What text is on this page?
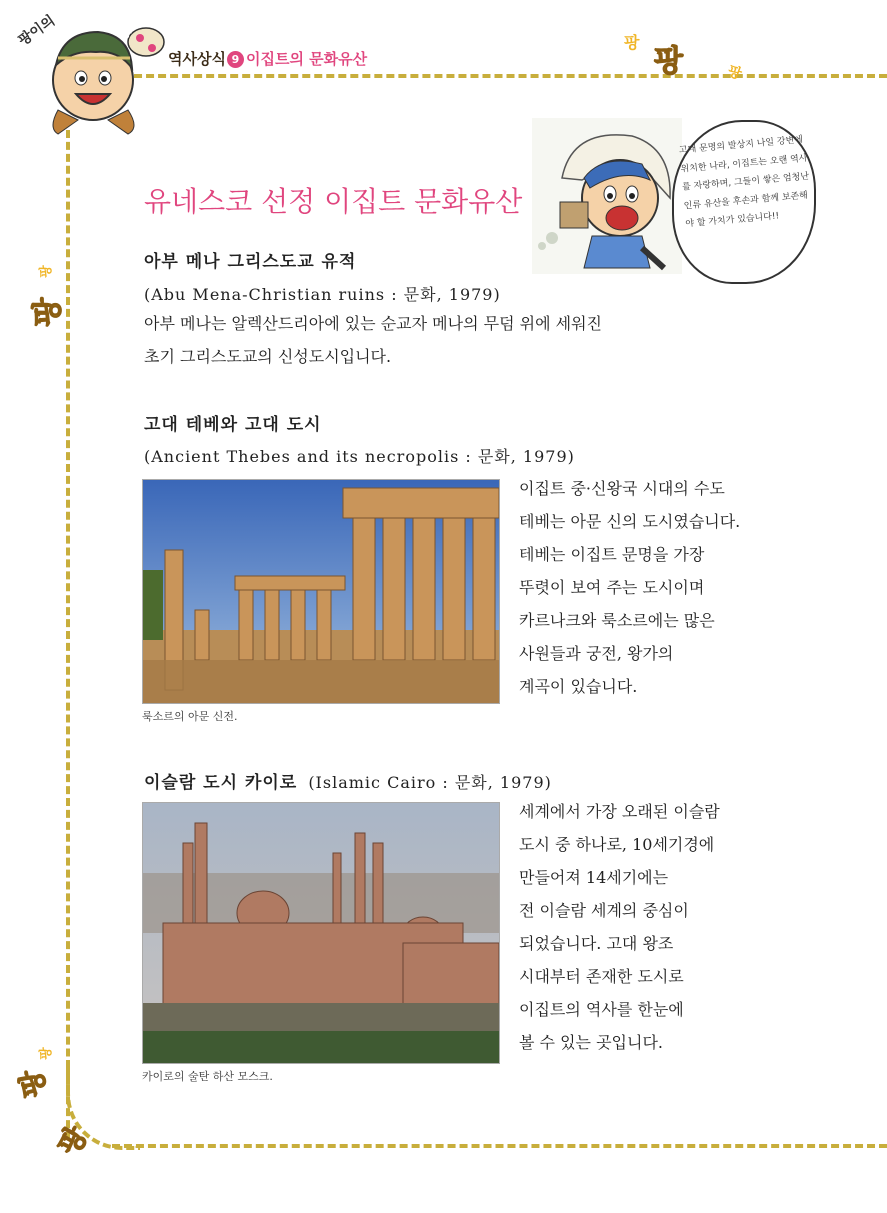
팡이의	팡팡
역사상식 9 이집트의 문화유산
팡
팡	팡
팡
팡
팡
팡
팡
고대 문명의 발상지 나일 강변에 위치한 나라, 이집트는 오랜 역사를 자랑하며, 그들이 쌓은 엄청난 인류 유산을 후손과 함께 보존해야 할 가치가 있습니다!!
유네스코 선정 이집트 문화유산
아부 메나 그리스도교 유적
(Abu Mena-Christian ruins : 문화, 1979)
아부 메나는 알렉산드리아에 있는 순교자 메나의 무덤 위에 세워진
초기 그리스도교의 신성도시입니다.
고대 테베와 고대 도시
(Ancient Thebes and its necropolis : 문화, 1979)
룩소르의 아문 신전.
이집트 중·신왕국 시대의 수도
테베는 아문 신의 도시였습니다.
테베는 이집트 문명을 가장
뚜렷이 보여 주는 도시이며
카르나크와 룩소르에는 많은
사원들과 궁전, 왕가의
계곡이 있습니다.
이슬람 도시 카이로 (Islamic Cairo : 문화, 1979)
카이로의 술탄 하산 모스크.
세계에서 가장 오래된 이슬람
도시 중 하나로, 10세기경에
만들어져 14세기에는
전 이슬람 세계의 중심이
되었습니다. 고대 왕조
시대부터 존재한 도시로
이집트의 역사를 한눈에
볼 수 있는 곳입니다.
